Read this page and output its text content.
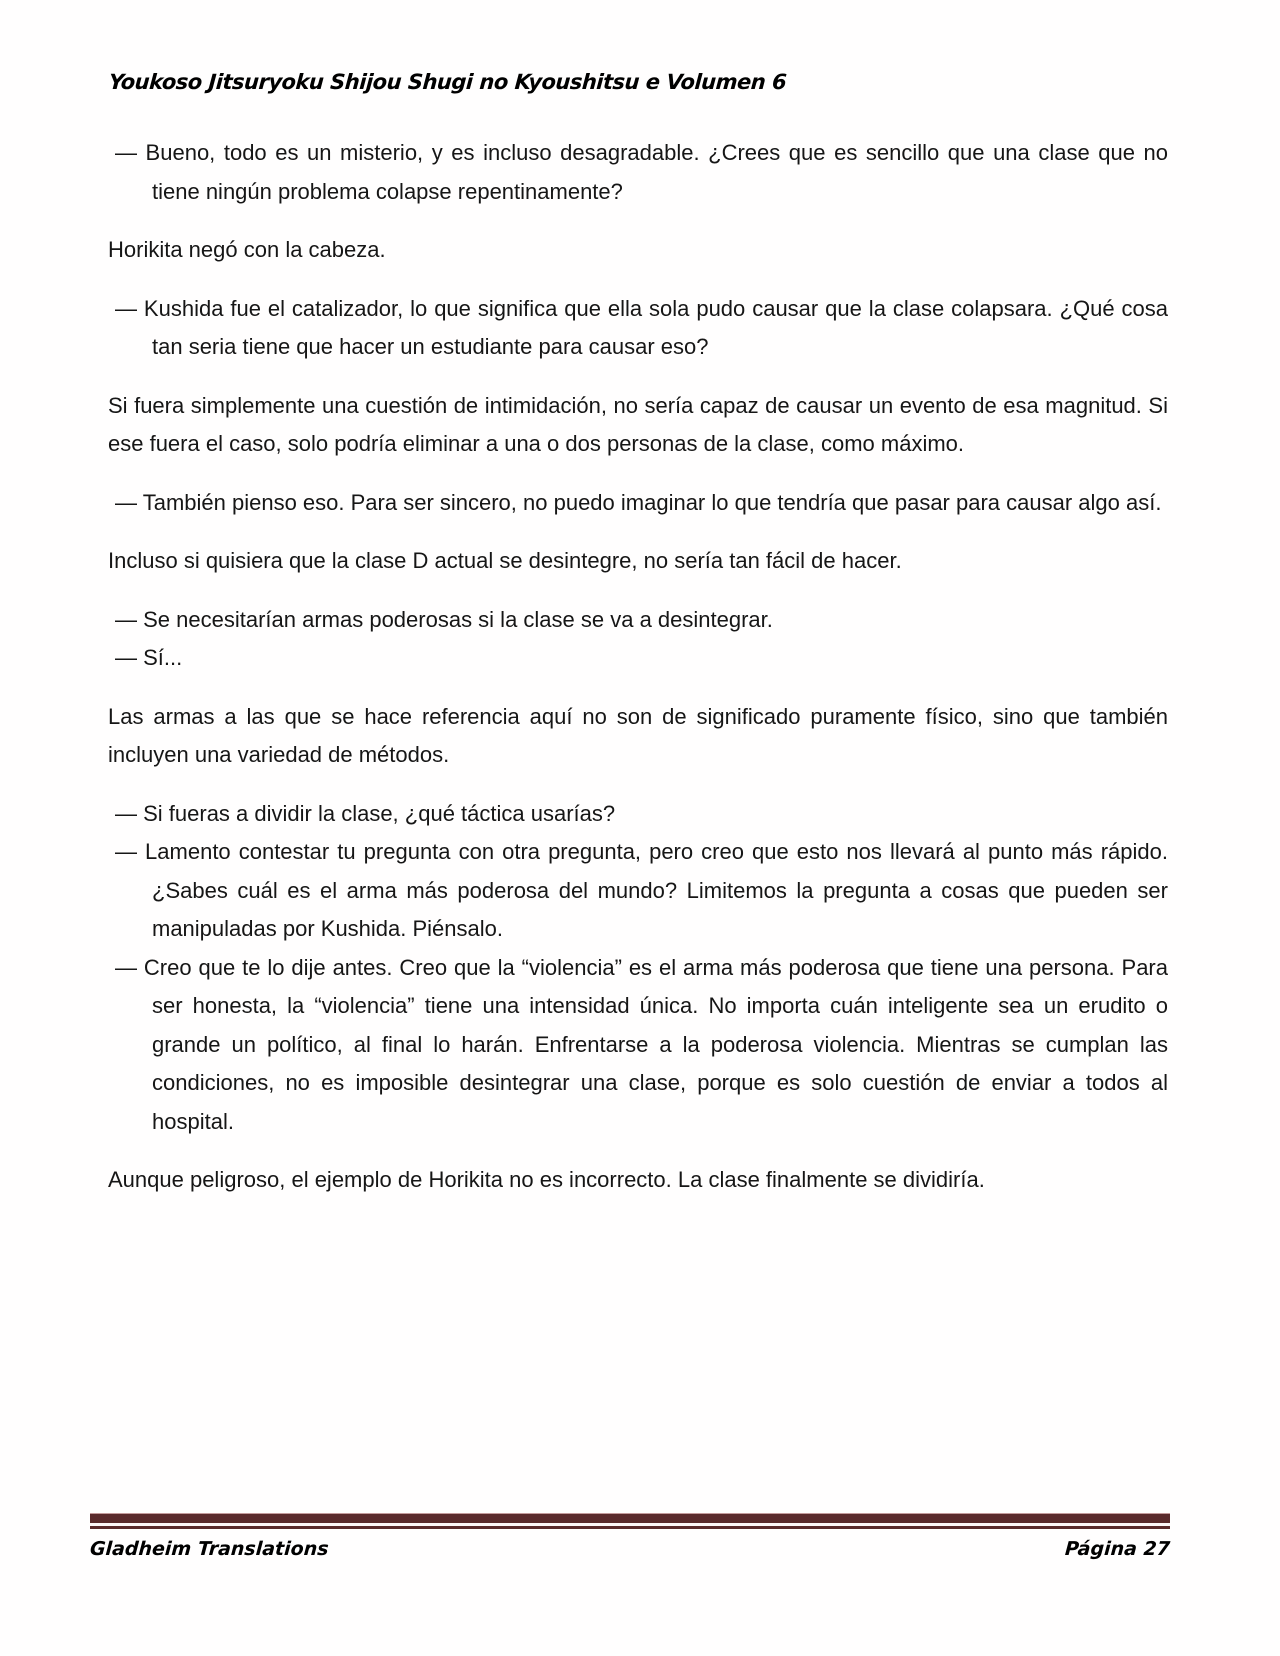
Youkoso Jitsuryoku Shijou Shugi no Kyoushitsu e Volumen 6

— Bueno, todo es un misterio, y es incluso desagradable. ¿Crees que es sencillo que una clase que no tiene ningún problema colapse repentinamente?

Horikita negó con la cabeza.

— Kushida fue el catalizador, lo que significa que ella sola pudo causar que la clase colapsara. ¿Qué cosa tan seria tiene que hacer un estudiante para causar eso?

Si fuera simplemente una cuestión de intimidación, no sería capaz de causar un evento de esa magnitud. Si ese fuera el caso, solo podría eliminar a una o dos personas de la clase, como máximo.

— También pienso eso. Para ser sincero, no puedo imaginar lo que tendría que pasar para causar algo así.

Incluso si quisiera que la clase D actual se desintegre, no sería tan fácil de hacer.

— Se necesitarían armas poderosas si la clase se va a desintegrar.

— Sí...

Las armas a las que se hace referencia aquí no son de significado puramente físico, sino que también incluyen una variedad de métodos.

— Si fueras a dividir la clase, ¿qué táctica usarías?

— Lamento contestar tu pregunta con otra pregunta, pero creo que esto nos llevará al punto más rápido. ¿Sabes cuál es el arma más poderosa del mundo? Limitemos la pregunta a cosas que pueden ser manipuladas por Kushida. Piénsalo.

— Creo que te lo dije antes. Creo que la “violencia” es el arma más poderosa que tiene una persona. Para ser honesta, la “violencia” tiene una intensidad única. No importa cuán inteligente sea un erudito o grande un político, al final lo harán. Enfrentarse a la poderosa violencia. Mientras se cumplan las condiciones, no es imposible desintegrar una clase, porque es solo cuestión de enviar a todos al hospital.

Aunque peligroso, el ejemplo de Horikita no es incorrecto. La clase finalmente se dividiría.

Gladheim Translations	Página 27
